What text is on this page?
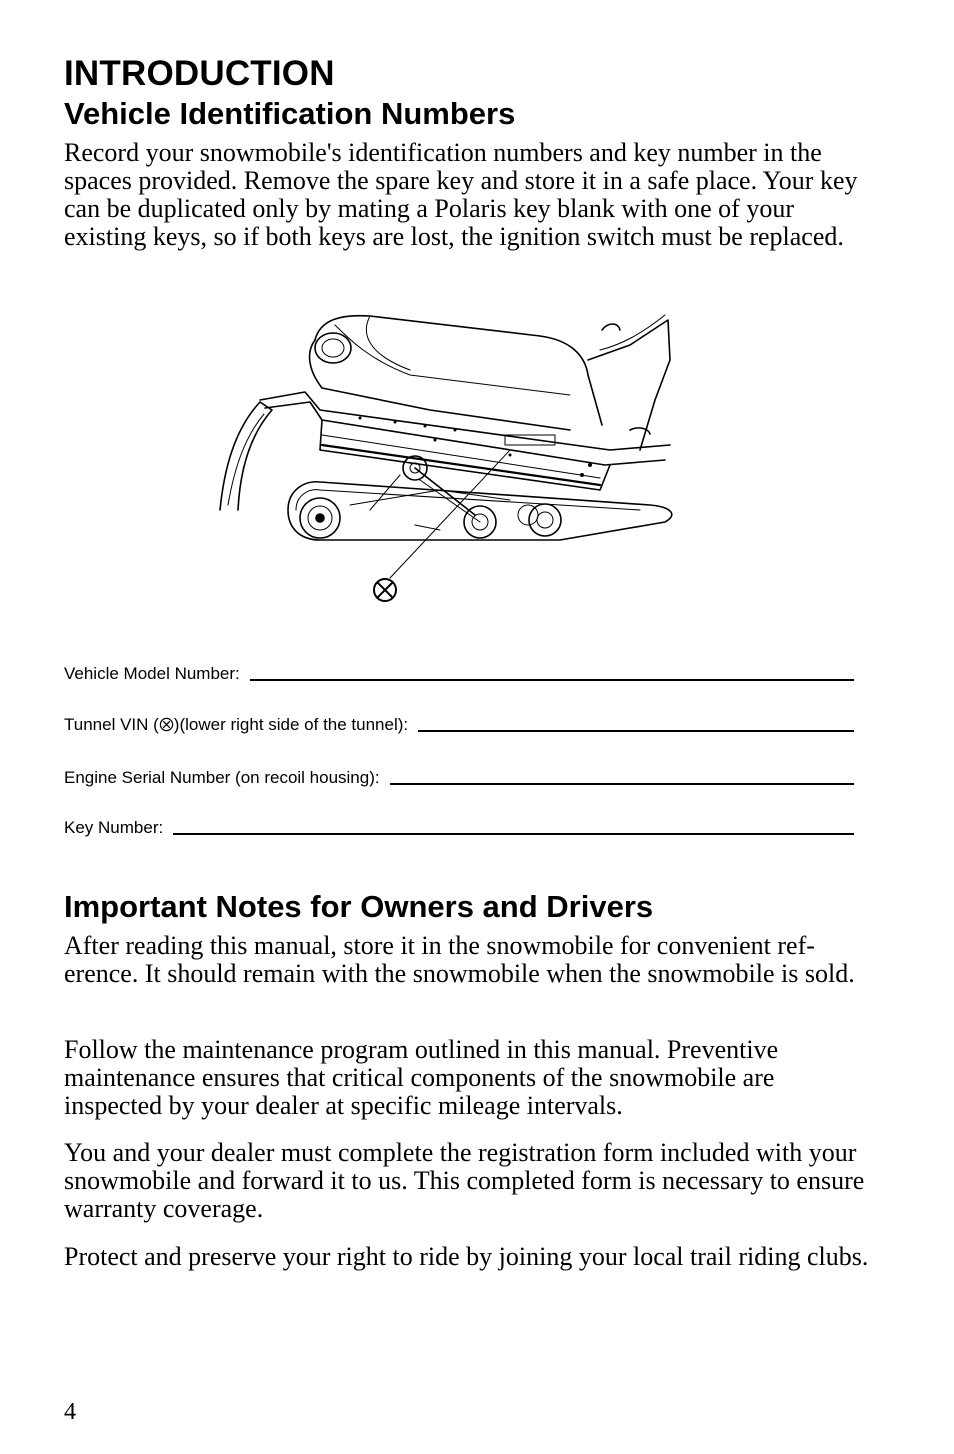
INTRODUCTION
Vehicle Identification Numbers

Record your snowmobile's identification numbers and key number in the spaces provided. Remove the spare key and store it in a safe place. Your key can be duplicated only by mating a Polaris key blank with one of your existing keys, so if both keys are lost, the ignition switch must be replaced.

Vehicle Model Number:
Tunnel VIN ( )(lower right side of the tunnel):
Engine Serial Number (on recoil housing):
Key Number:
Important Notes for Owners and Drivers

After reading this manual, store it in the snowmobile for convenient ref-erence. It should remain with the snowmobile when the snowmobile is sold.

Follow the maintenance program outlined in this manual. Preventive maintenance ensures that critical components of the snowmobile are inspected by your dealer at specific mileage intervals.

You and your dealer must complete the registration form included with your snowmobile and forward it to us. This completed form is necessary to ensure warranty coverage.

Protect and preserve your right to ride by joining your local trail riding clubs.

4
